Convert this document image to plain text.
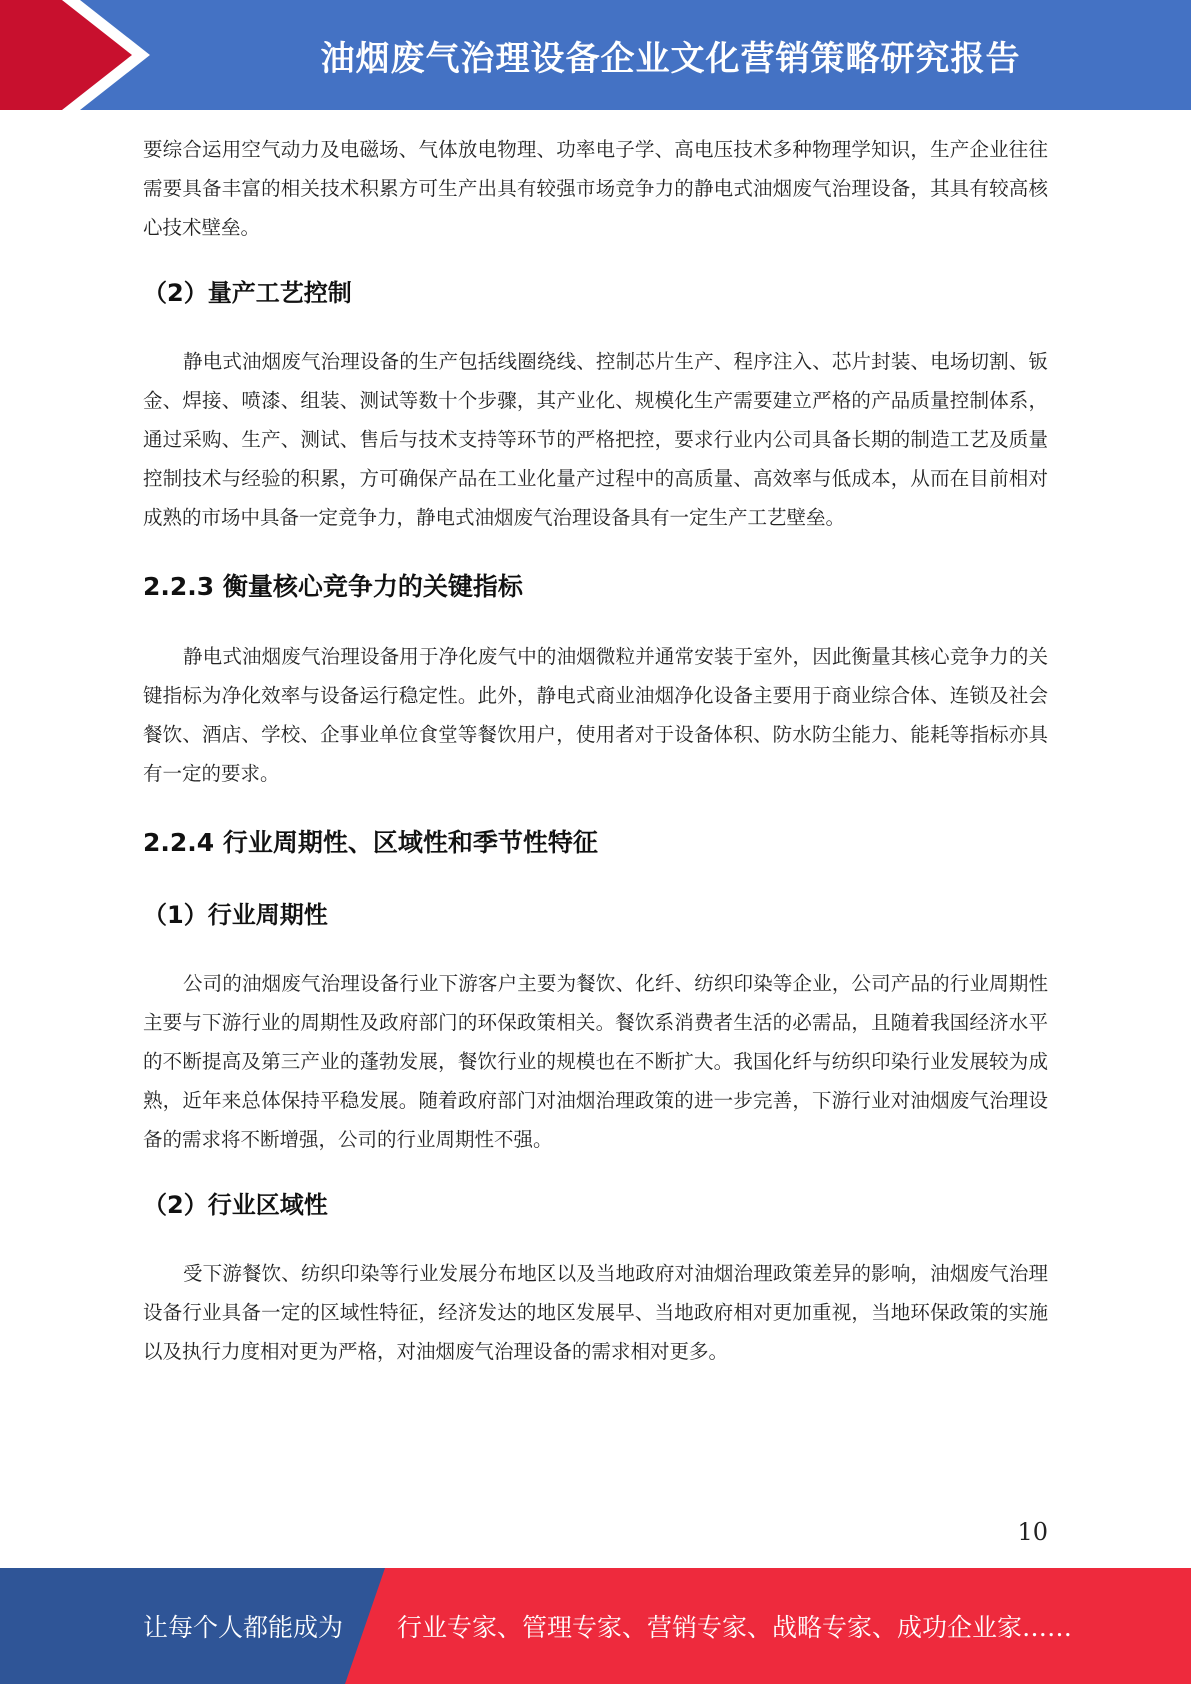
油烟废气治理设备企业文化营销策略研究报告

要综合运用空气动力及电磁场、气体放电物理、功率电子学、高电压技术多种物理学知识，生产企业往往需要具备丰富的相关技术积累方可生产出具有较强市场竞争力的静电式油烟废气治理设备，其具有较高核心技术壁垒。

（2）量产工艺控制

静电式油烟废气治理设备的生产包括线圈绕线、控制芯片生产、程序注入、芯片封装、电场切割、钣金、焊接、喷漆、组装、测试等数十个步骤，其产业化、规模化生产需要建立严格的产品质量控制体系，通过采购、生产、测试、售后与技术支持等环节的严格把控，要求行业内公司具备长期的制造工艺及质量控制技术与经验的积累，方可确保产品在工业化量产过程中的高质量、高效率与低成本，从而在目前相对成熟的市场中具备一定竞争力，静电式油烟废气治理设备具有一定生产工艺壁垒。

2.2.3 衡量核心竞争力的关键指标

静电式油烟废气治理设备用于净化废气中的油烟微粒并通常安装于室外，因此衡量其核心竞争力的关键指标为净化效率与设备运行稳定性。此外，静电式商业油烟净化设备主要用于商业综合体、连锁及社会餐饮、酒店、学校、企事业单位食堂等餐饮用户，使用者对于设备体积、防水防尘能力、能耗等指标亦具有一定的要求。

2.2.4 行业周期性、区域性和季节性特征
（1）行业周期性

公司的油烟废气治理设备行业下游客户主要为餐饮、化纤、纺织印染等企业，公司产品的行业周期性主要与下游行业的周期性及政府部门的环保政策相关。餐饮系消费者生活的必需品，且随着我国经济水平的不断提高及第三产业的蓬勃发展，餐饮行业的规模也在不断扩大。我国化纤与纺织印染行业发展较为成熟，近年来总体保持平稳发展。随着政府部门对油烟治理政策的进一步完善，下游行业对油烟废气治理设备的需求将不断增强，公司的行业周期性不强。

（2）行业区域性

受下游餐饮、纺织印染等行业发展分布地区以及当地政府对油烟治理政策差异的影响，油烟废气治理设备行业具备一定的区域性特征，经济发达的地区发展早、当地政府相对更加重视，当地环保政策的实施以及执行力度相对更为严格，对油烟废气治理设备的需求相对更多。

10
让每个人都能成为 行业专家、管理专家、营销专家、战略专家、成功企业家……
